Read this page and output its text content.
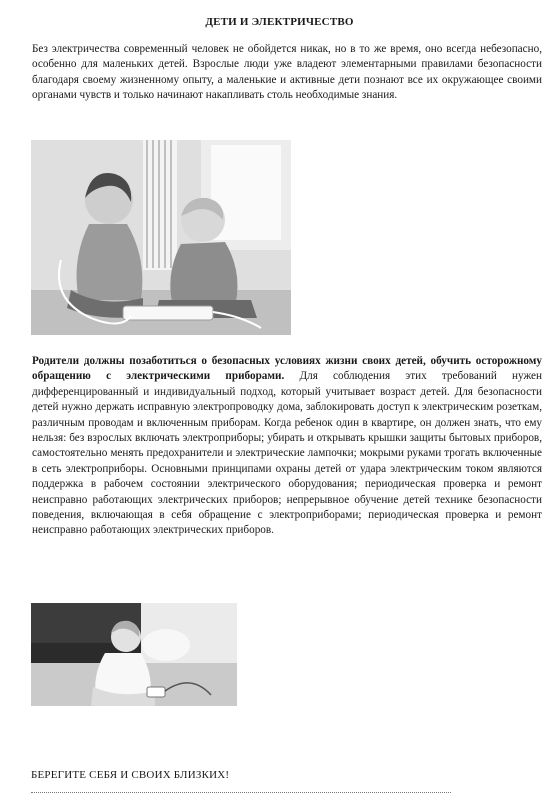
ДЕТИ И ЭЛЕКТРИЧЕСТВО

Без электричества современный человек не обойдется никак, но в то же время, оно всегда небезопасно, особенно для маленьких детей. Взрослые люди уже владеют элементарными правилами безопасности благодаря своему жизненному опыту, а маленькие и активные дети познают все их окружающее своими органами чувств и только начинают накапливать столь необходимые знания.

Родители должны позаботиться о безопасных условиях жизни своих детей, обучить осторожному обращению с электрическими приборами. Для соблюдения этих требований нужен дифференцированный и индивидуальный подход, который учитывает возраст детей. Для безопасности детей нужно держать исправную электропроводку дома, заблокировать доступ к электрическим розеткам, различным проводам и включенным приборам. Когда ребенок один в квартире, он должен знать, что ему нельзя: без взрослых включать электроприборы; убирать и открывать крышки защиты бытовых приборов, самостоятельно менять предохранители и электрические лампочки; мокрыми руками трогать включенные в сеть электроприборы. Основными принципами охраны детей от удара электрическим током являются поддержка в рабочем состоянии электрического оборудования; периодическая проверка и ремонт неисправно работающих электрических приборов; непрерывное обучение детей технике безопасности поведения, включающая в себя обращение с электроприборами; периодическая проверка и ремонт неисправно работающих электрических приборов.

БЕРЕГИТЕ СЕБЯ И СВОИХ БЛИЗКИХ!
